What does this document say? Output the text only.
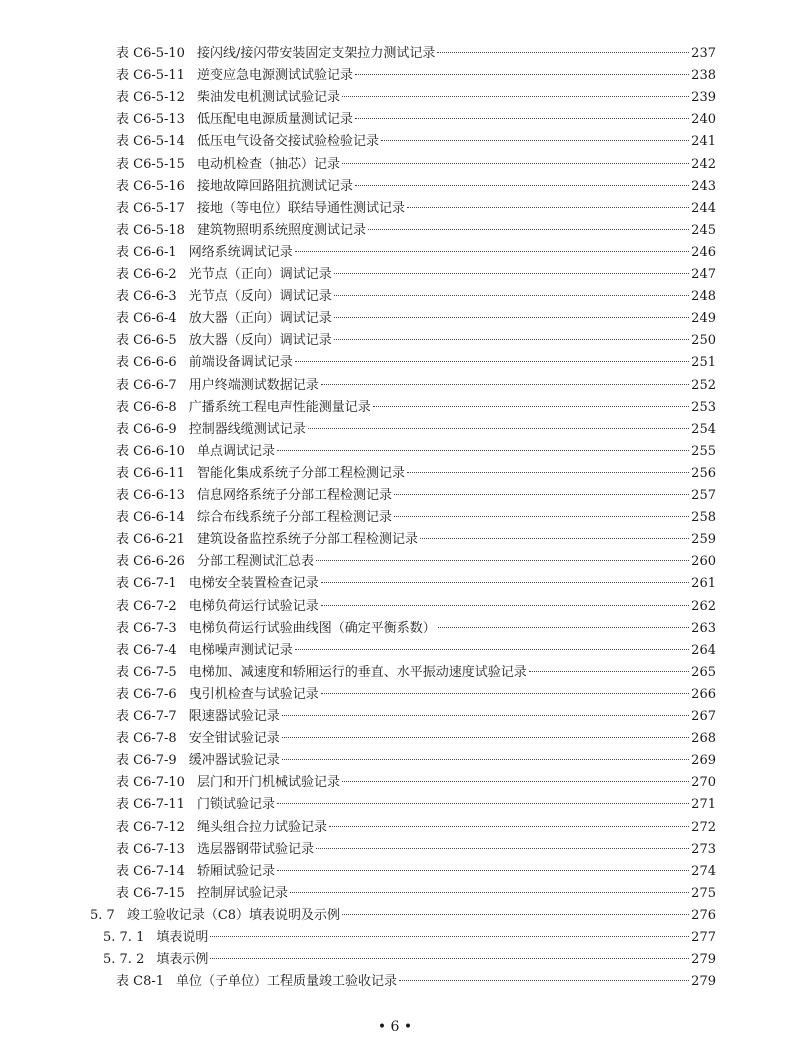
表 C6-5-10 接闪线/接闪带安装固定支架拉力测试记录	237
表 C6-5-11 逆变应急电源测试试验记录	238
表 C6-5-12 柴油发电机测试试验记录	239
表 C6-5-13 低压配电电源质量测试记录	240
表 C6-5-14 低压电气设备交接试验检验记录	241
表 C6-5-15 电动机检查（抽芯）记录	242
表 C6-5-16 接地故障回路阻抗测试记录	243
表 C6-5-17 接地（等电位）联结导通性测试记录	244
表 C6-5-18 建筑物照明系统照度测试记录	245
表 C6-6-1 网络系统调试记录	246
表 C6-6-2 光节点（正向）调试记录	247
表 C6-6-3 光节点（反向）调试记录	248
表 C6-6-4 放大器（正向）调试记录	249
表 C6-6-5 放大器（反向）调试记录	250
表 C6-6-6 前端设备调试记录	251
表 C6-6-7 用户终端测试数据记录	252
表 C6-6-8 广播系统工程电声性能测量记录	253
表 C6-6-9 控制器线缆测试记录	254
表 C6-6-10 单点调试记录	255
表 C6-6-11 智能化集成系统子分部工程检测记录	256
表 C6-6-13 信息网络系统子分部工程检测记录	257
表 C6-6-14 综合布线系统子分部工程检测记录	258
表 C6-6-21 建筑设备监控系统子分部工程检测记录	259
表 C6-6-26 分部工程测试汇总表	260
表 C6-7-1 电梯安全装置检查记录	261
表 C6-7-2 电梯负荷运行试验记录	262
表 C6-7-3 电梯负荷运行试验曲线图（确定平衡系数）	263
表 C6-7-4 电梯噪声测试记录	264
表 C6-7-5 电梯加、减速度和轿厢运行的垂直、水平振动速度试验记录	265
表 C6-7-6 曳引机检查与试验记录	266
表 C6-7-7 限速器试验记录	267
表 C6-7-8 安全钳试验记录	268
表 C6-7-9 缓冲器试验记录	269
表 C6-7-10 层门和开门机械试验记录	270
表 C6-7-11 门锁试验记录	271
表 C6-7-12 绳头组合拉力试验记录	272
表 C6-7-13 选层器钢带试验记录	273
表 C6-7-14 轿厢试验记录	274
表 C6-7-15 控制屏试验记录	275
5. 7 竣工验收记录（C8）填表说明及示例	276
5. 7. 1 填表说明	277
5. 7. 2 填表示例	279
表 C8-1 单位（子单位）工程质量竣工验收记录	279
• 6 •
